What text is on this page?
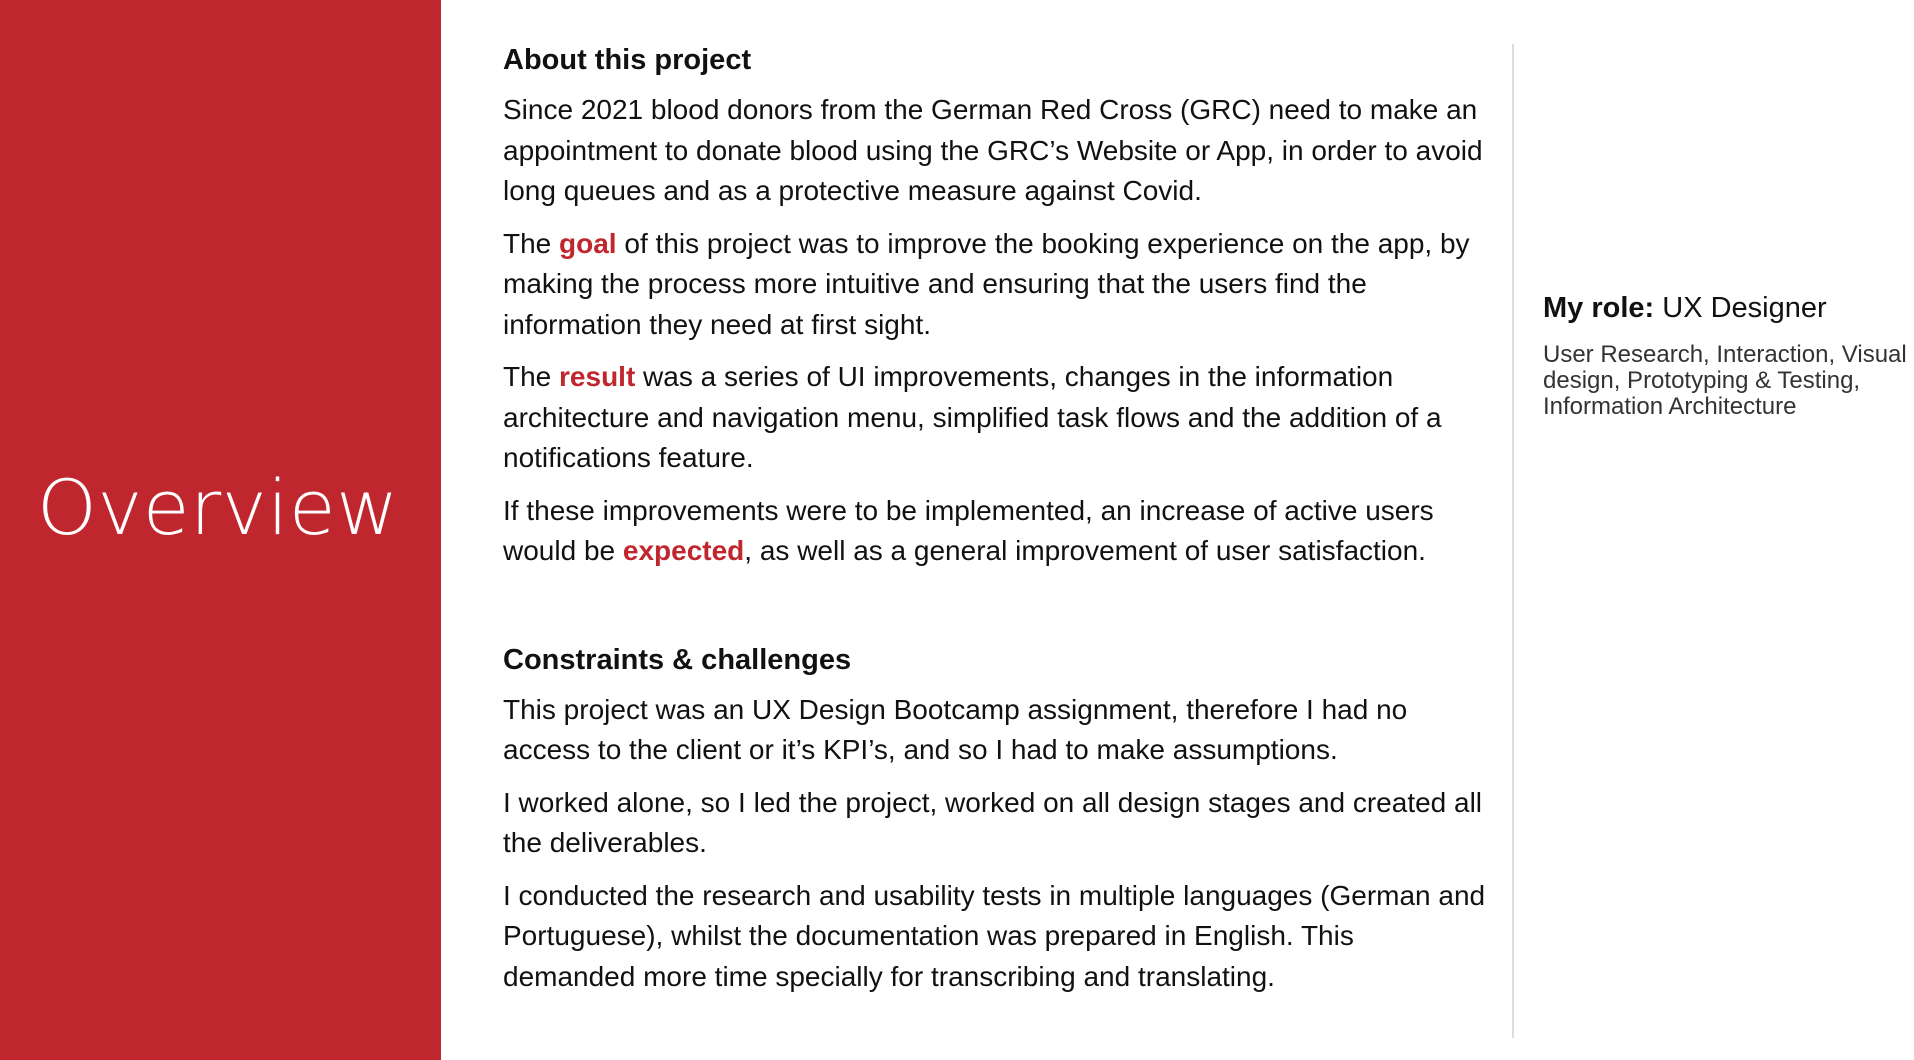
Overview
About this project

Since 2021 blood donors from the German Red Cross (GRC) need to make an appointment to donate blood using the GRC’s Website or App, in order to avoid long queues and as a protective measure against Covid.

The goal of this project was to improve the booking experience on the app, by making the process more intuitive and ensuring that the users find the information they need at first sight.

The result was a series of UI improvements, changes in the information architecture and navigation menu, simplified task flows and the addition of a notifications feature.

If these improvements were to be implemented, an increase of active users would be expected, as well as a general improvement of user satisfaction.

Constraints & challenges

This project was an UX Design Bootcamp assignment, therefore I had no access to the client or it’s KPI’s, and so I had to make assumptions.

I worked alone, so I led the project, worked on all design stages and created all the deliverables.

I conducted the research and usability tests in multiple languages (German and Portuguese), whilst the documentation was prepared in English. This demanded more time specially for transcribing and translating.

My role: UX Designer

User Research, Interaction, Visual design, Prototyping & Testing, Information Architecture
